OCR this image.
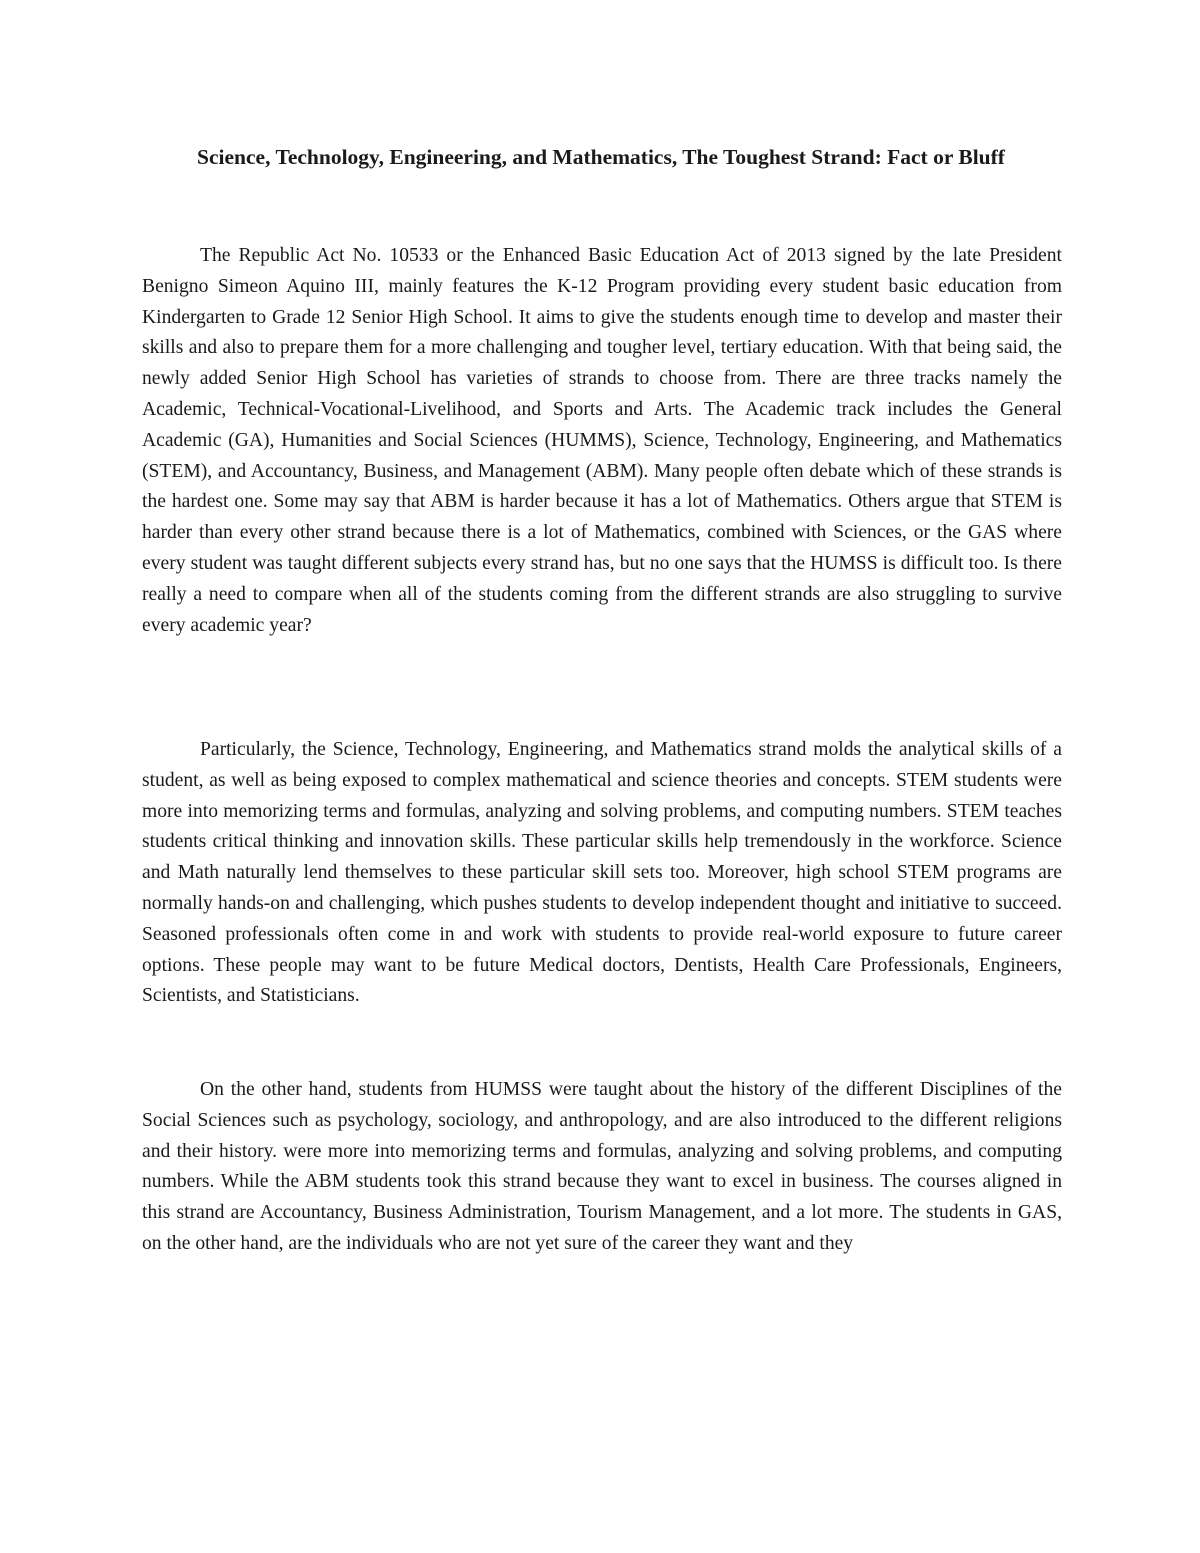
Science, Technology, Engineering, and Mathematics, The Toughest Strand: Fact or Bluff

The Republic Act No. 10533 or the Enhanced Basic Education Act of 2013 signed by the late President Benigno Simeon Aquino III, mainly features the K-12 Program providing every student basic education from Kindergarten to Grade 12 Senior High School. It aims to give the students enough time to develop and master their skills and also to prepare them for a more challenging and tougher level, tertiary education. With that being said, the newly added Senior High School has varieties of strands to choose from. There are three tracks namely the Academic, Technical-Vocational-Livelihood, and Sports and Arts. The Academic track includes the General Academic (GA), Humanities and Social Sciences (HUMMS), Science, Technology, Engineering, and Mathematics (STEM), and Accountancy, Business, and Management (ABM). Many people often debate which of these strands is the hardest one. Some may say that ABM is harder because it has a lot of Mathematics. Others argue that STEM is harder than every other strand because there is a lot of Mathematics, combined with Sciences, or the GAS where every student was taught different subjects every strand has, but no one says that the HUMSS is difficult too. Is there really a need to compare when all of the students coming from the different strands are also struggling to survive every academic year?

Particularly, the Science, Technology, Engineering, and Mathematics strand molds the analytical skills of a student, as well as being exposed to complex mathematical and science theories and concepts. STEM students were more into memorizing terms and formulas, analyzing and solving problems, and computing numbers. STEM teaches students critical thinking and innovation skills. These particular skills help tremendously in the workforce. Science and Math naturally lend themselves to these particular skill sets too. Moreover, high school STEM programs are normally hands-on and challenging, which pushes students to develop independent thought and initiative to succeed. Seasoned professionals often come in and work with students to provide real-world exposure to future career options. These people may want to be future Medical doctors, Dentists, Health Care Professionals, Engineers, Scientists, and Statisticians.

On the other hand, students from HUMSS were taught about the history of the different Disciplines of the Social Sciences such as psychology, sociology, and anthropology, and are also introduced to the different religions and their history. were more into memorizing terms and formulas, analyzing and solving problems, and computing numbers. While the ABM students took this strand because they want to excel in business. The courses aligned in this strand are Accountancy, Business Administration, Tourism Management, and a lot more. The students in GAS, on the other hand, are the individuals who are not yet sure of the career they want and they
